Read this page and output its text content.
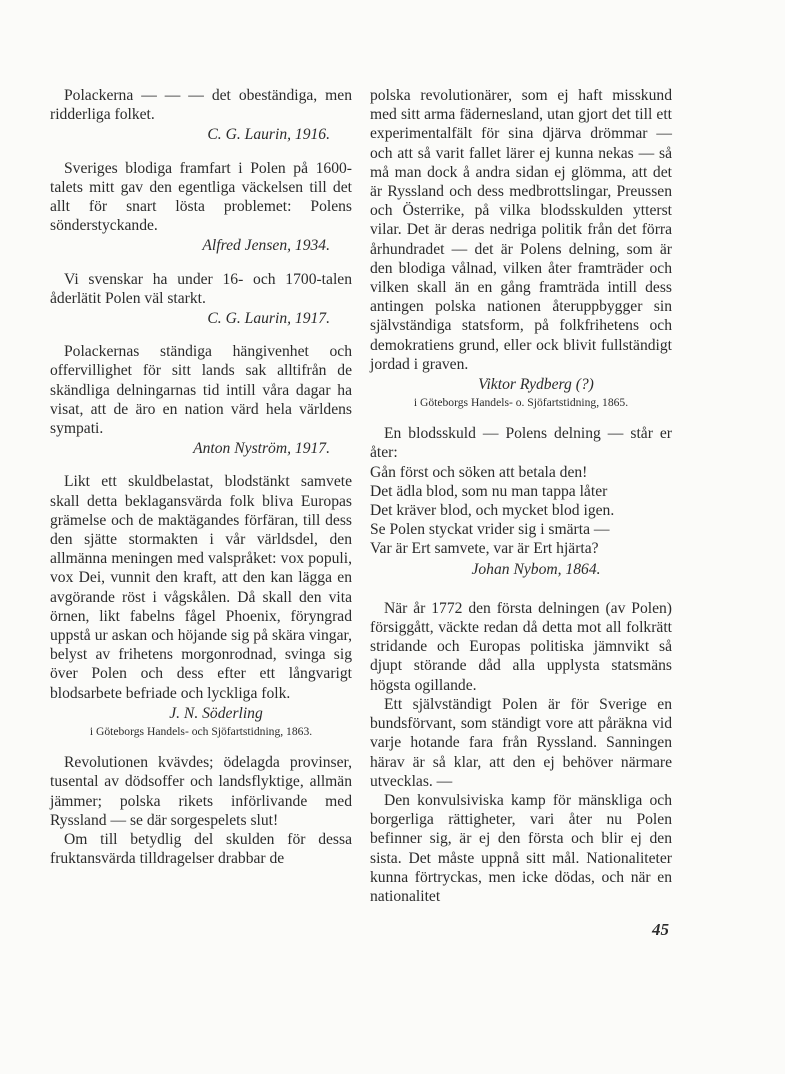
Polackerna — — — det obeständiga, men ridderliga folket.

C. G. Laurin, 1916.

Sveriges blodiga framfart i Polen på 1600-talets mitt gav den egentliga väckelsen till det allt för snart lösta problemet: Polens sönderstyckande.

Alfred Jensen, 1934.

Vi svenskar ha under 16- och 1700-talen åderlätit Polen väl starkt.

C. G. Laurin, 1917.

Polackernas ständiga hängivenhet och offervillighet för sitt lands sak alltifrån de skändliga delningarnas tid intill våra dagar ha visat, att de äro en nation värd hela världens sympati.

Anton Nyström, 1917.

Likt ett skuldbelastat, blodstänkt samvete skall detta beklagansvärda folk bliva Europas grämelse och de maktägandes förfäran, till dess den sjätte stormakten i vår världsdel, den allmänna meningen med valspråket: vox populi, vox Dei, vunnit den kraft, att den kan lägga en avgörande röst i vågskålen. Då skall den vita örnen, likt fabelns fågel Phoenix, föryngrad uppstå ur askan och höjande sig på skära vingar, belyst av frihetens morgonrodnad, svinga sig över Polen och dess efter ett långvarigt blodsarbete befriade och lyckliga folk.

J. N. Söderling
i Göteborgs Handels- och Sjöfartstidning, 1863.

Revolutionen kvävdes; ödelagda provinser, tusental av dödsoffer och landsflyktige, allmän jämmer; polska rikets införlivande med Ryssland — se där sorgespelets slut!

Om till betydlig del skulden för dessa fruktansvärda tilldragelser drabbar de

polska revolutionärer, som ej haft misskund med sitt arma fädernesland, utan gjort det till ett experimentalfält för sina djärva drömmar — och att så varit fallet lärer ej kunna nekas — så må man dock å andra sidan ej glömma, att det är Ryssland och dess medbrottslingar, Preussen och Österrike, på vilka blodsskulden ytterst vilar. Det är deras nedriga politik från det förra århundradet — det är Polens delning, som är den blodiga vålnad, vilken åter framträder och vilken skall än en gång framträda intill dess antingen polska nationen återuppbygger sin självständiga statsform, på folkfrihetens och demokratiens grund, eller ock blivit fullständigt jordad i graven.

Viktor Rydberg (?)
i Göteborgs Handels- o. Sjöfartstidning, 1865.

En blodsskuld — Polens delning — står er åter:

Gån först och söken att betala den!
Det ädla blod, som nu man tappa låter
Det kräver blod, och mycket blod igen.
Se Polen styckat vrider sig i smärta —
Var är Ert samvete, var är Ert hjärta?
Johan Nybom, 1864.

När år 1772 den första delningen (av Polen) försiggått, väckte redan då detta mot all folkrätt stridande och Europas politiska jämnvikt så djupt störande dåd alla upplysta statsmäns högsta ogillande.

Ett självständigt Polen är för Sverige en bundsförvant, som ständigt vore att påräkna vid varje hotande fara från Ryssland. Sanningen härav är så klar, att den ej behöver närmare utvecklas. —

Den konvulsiviska kamp för mänskliga och borgerliga rättigheter, vari åter nu Polen befinner sig, är ej den första och blir ej den sista. Det måste uppnå sitt mål. Nationaliteter kunna förtryckas, men icke dödas, och när en nationalitet

45
